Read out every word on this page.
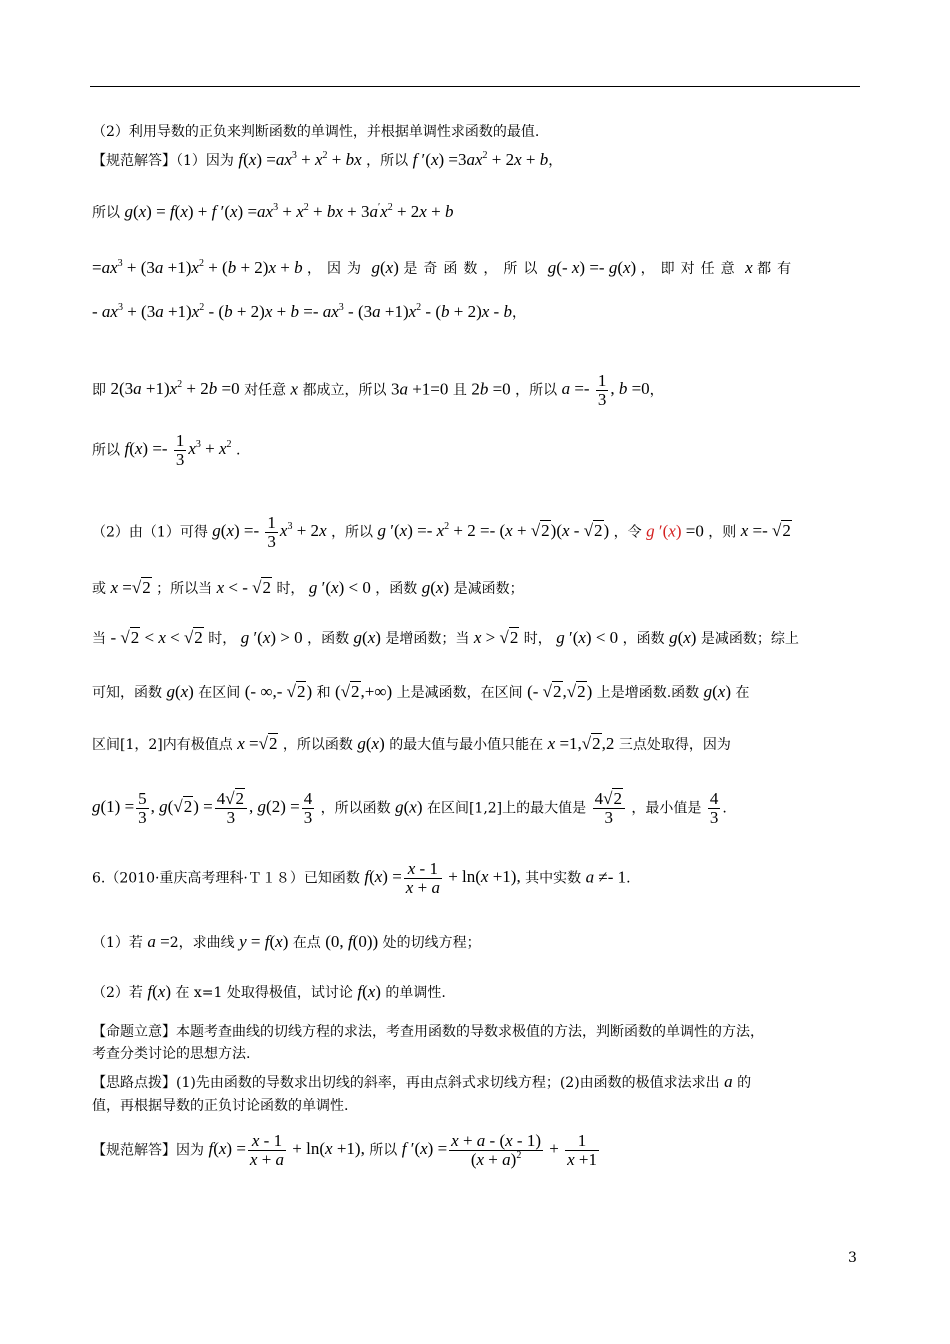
（2）利用导数的正负来判断函数的单调性，并根据单调性求函数的最值.
【规范解答】（1）因为 $f(x) =ax^3 + x^2$ + bx ，所以 f $'(x) =3ax^2 + 2x + b$，
所以 g(x) = f(x) + f $'(x) =ax^3 + x^2$ + bx + $3a'x^2 + 2x + b$
$=ax^3 + (3a +1)x^2 + (b + 2)x + b$ ，因为 g(x) 是奇函数，所以 g(- x) =- g(x) ，即对任意 x 都有
- $ax^3 + (3a +1)x^2 - (b + 2)x + b =- ax^3 - (3a +1)x^2 - (b + 2)x - b$，
即 $2(3a +1)x^2 + 2b =0$ 对任意 x 都成立，所以 3a +1=0 且 2b =0 ，所以 $a =- \frac{1}{3}$ , b =0，
所以 $f(x) =- \frac{1}{3} x^3 + x^2$ .
（2）由（1）可得 $g(x) =- \frac{1}{3} x^3 + 2x$ ，所以 g $'(x) =- x^2 + 2 =- (x + √2)(x - √2)$ ，令 g ′(x) =0 ，则 x =- √2
或 x =√2 ；所以当 x < - √2 时， g ′(x) < 0 ，函数 g(x) 是减函数；
当 - √2 < x < √2 时， g ′(x) > 0 ，函数 g(x) 是增函数；当 x > √2 时， g ′(x) < 0 ，函数 g(x) 是减函数；综上
可知，函数 g(x) 在区间 (- ∞,- √2) 和 (√2,+∞) 上是减函数，在区间 (- √2,√2) 上是增函数.函数 g(x) 在
区间[1，2]内有极值点 x =√2 ，所以函数 g(x) 的最大值与最小值只能在 x =1,√2,2 三点处取得，因为
$g(1) = \frac{5}{3}$ , $g(√2) = \frac{4√2}{3}$ , $g(2) = \frac{4}{3}$ ，所以函数 g(x) 在区间[1,2]上的最大值是 $\frac{4√2}{3}$ ，最小值是 $\frac{4}{3}$ .
6.（2010·重庆高考理科·Ｔ１８）已知函数 $f(x) = \frac{x - 1}{x + a} + \ln(x +1)$, 其中实数 a ≠- 1.
（1）若 a =2，求曲线 y = f(x) 在点 (0, f(0)) 处的切线方程；
（2）若 f(x) 在 x=1 处取得极值，试讨论 f(x) 的单调性.
【命题立意】本题考查曲线的切线方程的求法，考查用函数的导数求极值的方法，判断函数的单调性的方法，
考查分类讨论的思想方法.
【思路点拨】(1)先由函数的导数求出切线的斜率，再由点斜式求切线方程；(2)由函数的极值求法求出 a 的
值，再根据导数的正负讨论函数的单调性.
【规范解答】因为 $f(x) = \frac{x - 1}{x + a} + \ln(x +1)$, 所以 f $'(x) = \frac{x + a - (x - 1)}{(x + a)^2} + \frac{1}{x +1}$
3
